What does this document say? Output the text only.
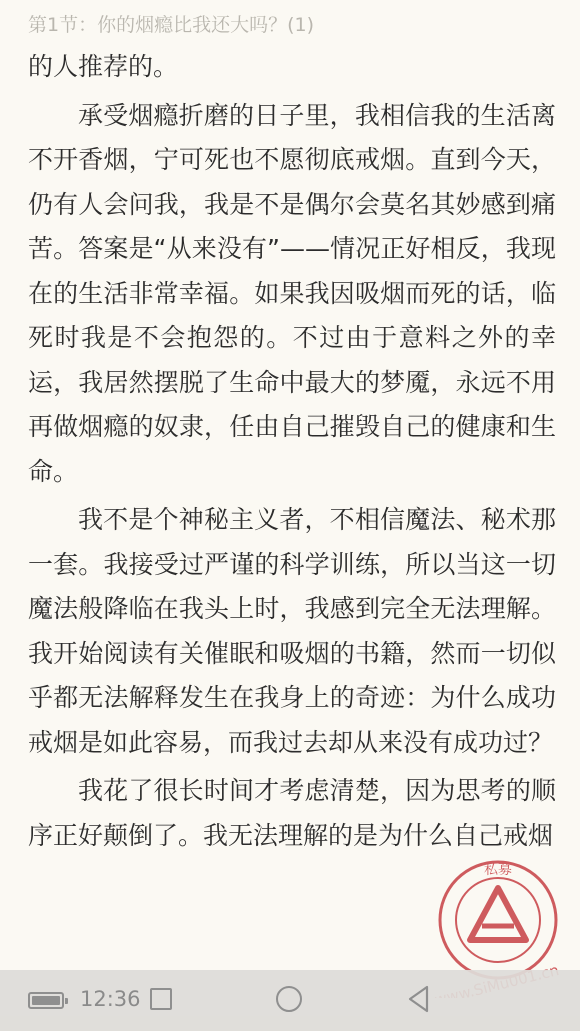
第1节：你的烟瘾比我还大吗？(1)

的人推荐的。

承受烟瘾折磨的日子里，我相信我的生活离不开香烟，宁可死也不愿彻底戒烟。直到今天，仍有人会问我，我是不是偶尔会莫名其妙感到痛苦。答案是“从来没有”——情况正好相反，我现在的生活非常幸福。如果我因吸烟而死的话，临死时我是不会抱怨的。不过由于意料之外的幸运，我居然摆脱了生命中最大的梦魇，永远不用再做烟瘾的奴隶，任由自己摧毁自己的健康和生命。

我不是个神秘主义者，不相信魔法、秘术那一套。我接受过严谨的科学训练，所以当这一切魔法般降临在我头上时，我感到完全无法理解。我开始阅读有关催眠和吸烟的书籍，然而一切似乎都无法解释发生在我身上的奇迹：为什么成功戒烟是如此容易，而我过去却从来没有成功过？

我花了很长时间才考虑清楚，因为思考的顺序正好颠倒了。我无法理解的是为什么自己戒烟

私募
12:36
